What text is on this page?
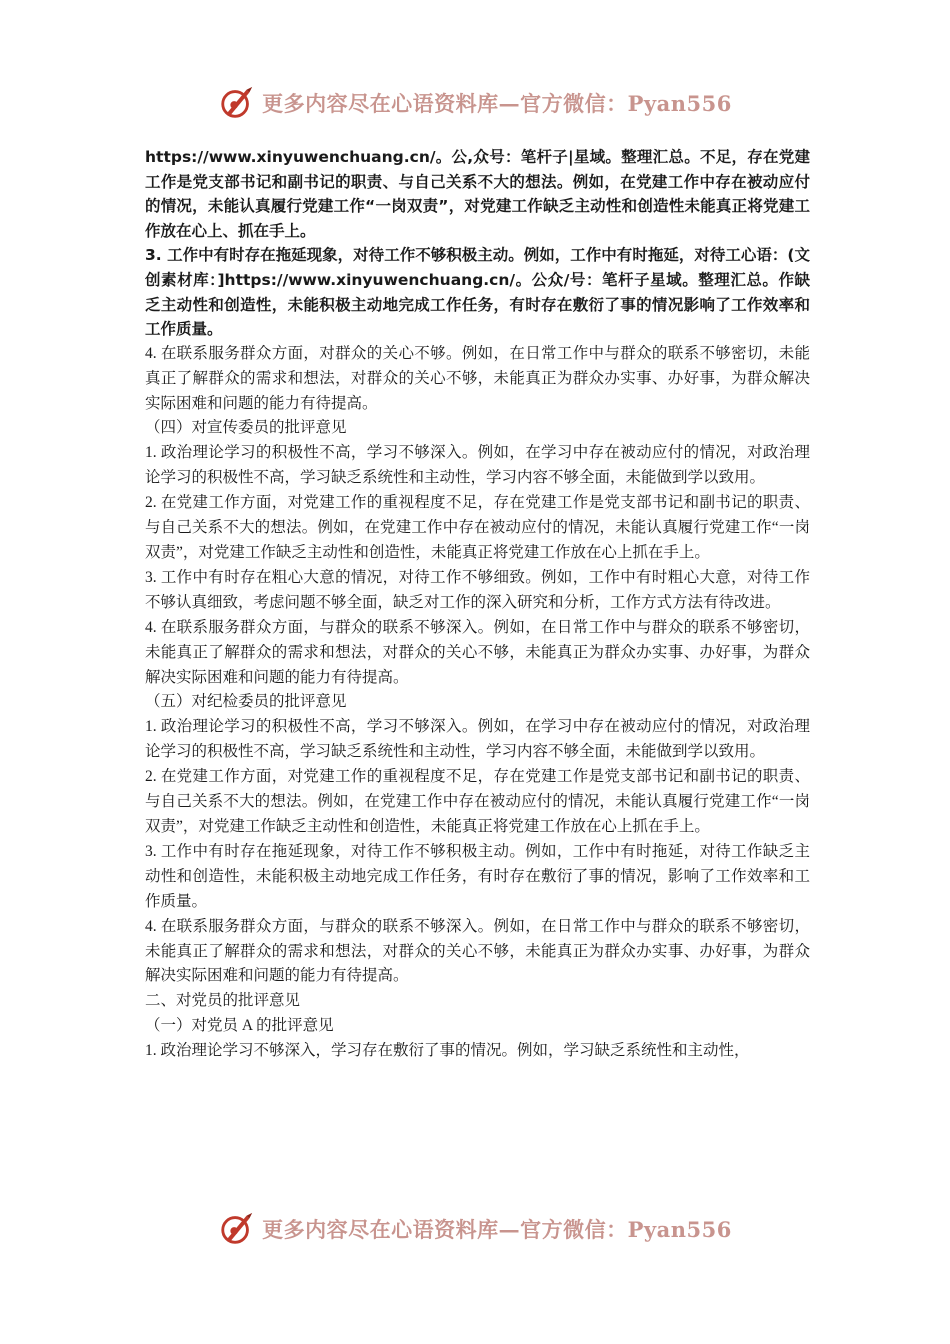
更多内容尽在心语资料库—官方微信：Pyan556

https://www.xinyuwenchuang.cn/。公,众号：笔杆子|星域。整理汇总。不足，存在党建工作是党支部书记和副书记的职责、与自己关系不大的想法。例如，在党建工作中存在被动应付的情况，未能认真履行党建工作“一岗双责”，对党建工作缺乏主动性和创造性未能真正将党建工作放在心上、抓在手上。

3. 工作中有时存在拖延现象，对待工作不够积极主动。例如，工作中有时拖延，对待工心语：(文创素材库：]https://www.xinyuwenchuang.cn/。公众/号：笔杆子星域。整理汇总。作缺乏主动性和创造性，未能积极主动地完成工作任务，有时存在敷衍了事的情况影响了工作效率和工作质量。

4. 在联系服务群众方面，对群众的关心不够。例如，在日常工作中与群众的联系不够密切，未能真正了解群众的需求和想法，对群众的关心不够，未能真正为群众办实事、办好事，为群众解决实际困难和问题的能力有待提高。

（四）对宣传委员的批评意见

1. 政治理论学习的积极性不高，学习不够深入。例如，在学习中存在被动应付的情况，对政治理论学习的积极性不高，学习缺乏系统性和主动性，学习内容不够全面，未能做到学以致用。

2. 在党建工作方面，对党建工作的重视程度不足，存在党建工作是党支部书记和副书记的职责、与自己关系不大的想法。例如，在党建工作中存在被动应付的情况，未能认真履行党建工作“一岗双责”，对党建工作缺乏主动性和创造性，未能真正将党建工作放在心上抓在手上。

3. 工作中有时存在粗心大意的情况，对待工作不够细致。例如，工作中有时粗心大意，对待工作不够认真细致，考虑问题不够全面，缺乏对工作的深入研究和分析，工作方式方法有待改进。

4. 在联系服务群众方面，与群众的联系不够深入。例如，在日常工作中与群众的联系不够密切，未能真正了解群众的需求和想法，对群众的关心不够，未能真正为群众办实事、办好事，为群众解决实际困难和问题的能力有待提高。

（五）对纪检委员的批评意见

1. 政治理论学习的积极性不高，学习不够深入。例如，在学习中存在被动应付的情况，对政治理论学习的积极性不高，学习缺乏系统性和主动性，学习内容不够全面，未能做到学以致用。

2. 在党建工作方面，对党建工作的重视程度不足，存在党建工作是党支部书记和副书记的职责、与自己关系不大的想法。例如，在党建工作中存在被动应付的情况，未能认真履行党建工作“一岗双责”，对党建工作缺乏主动性和创造性，未能真正将党建工作放在心上抓在手上。

3. 工作中有时存在拖延现象，对待工作不够积极主动。例如，工作中有时拖延，对待工作缺乏主动性和创造性，未能积极主动地完成工作任务，有时存在敷衍了事的情况，影响了工作效率和工作质量。

4. 在联系服务群众方面，与群众的联系不够深入。例如，在日常工作中与群众的联系不够密切，未能真正了解群众的需求和想法，对群众的关心不够，未能真正为群众办实事、办好事，为群众解决实际困难和问题的能力有待提高。

二、对党员的批评意见

（一）对党员 A 的批评意见

1. 政治理论学习不够深入，学习存在敷衍了事的情况。例如，学习缺乏系统性和主动性，

更多内容尽在心语资料库—官方微信：Pyan556
